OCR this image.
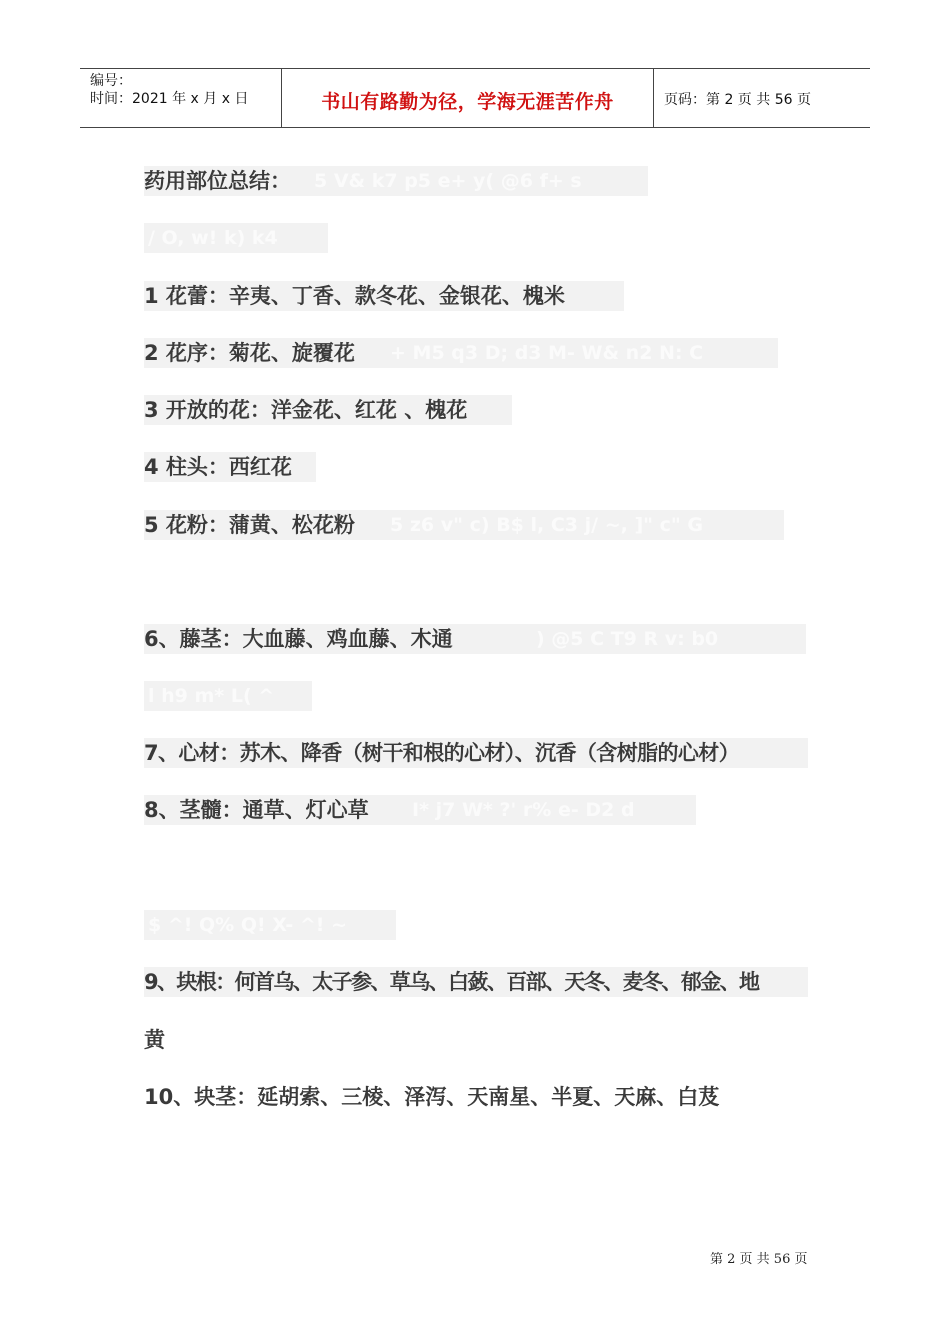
编号：
时间：2021 年 x 月 x 日	书山有路勤为径，学海无涯苦作舟	页码：第 2 页 共 56 页
药用部位总结： 5 V& k7 p5 e+ y( @6 f+ s
/ O, w! k) k4
1 花蕾：辛夷、丁香、款冬花、金银花、槐米
2 花序：菊花、旋覆花 + M5 q3 D; d3 M- W& n2 N: C
3 开放的花：洋金花、红花 、槐花
4 柱头：西红花
5 花粉：蒲黄、松花粉 5 z6 v" c) B$ l, C3 j/ ~, ]" c" G
6、藤茎：大血藤、鸡血藤、木通	) @5 C T9 R v: b0
l h9 m* L( ^
7、心材：苏木、降香（树干和根的心材）、沉香（含树脂的心材）
8、茎髓：通草、灯心草 I* j7 W* ?' r% e- D2 d
$ ^! Q% Q! X- ^! ~
9、块根：何首乌、太子参、草乌、白蔹、百部、天冬、麦冬、郁金、地
黄
10、块茎：延胡索、三棱、泽泻、天南星、半夏、天麻、白芨
第 2 页 共 56 页
